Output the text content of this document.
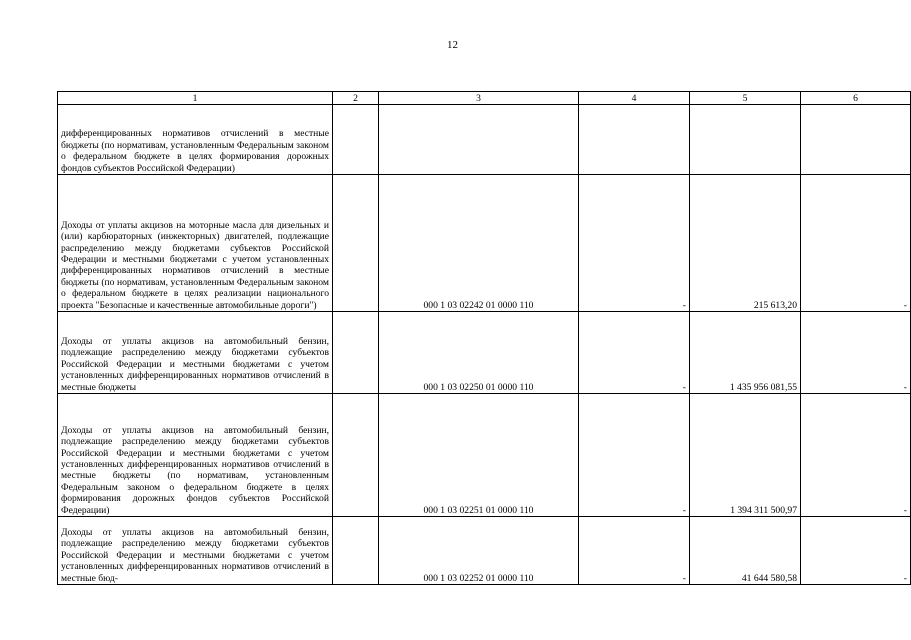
12
1	2	3	4	5	6
дифференцированных нормативов отчислений в местные бюджеты (по нормативам, установленным Федеральным законом о федеральном бюджете в целях формирования дорожных фондов субъектов Российской Федерации)					
Доходы от уплаты акцизов на моторные масла для дизельных и (или) карбюраторных (инжекторных) двигателей, подлежащие распределению между бюджетами субъектов Российской Федерации и местными бюджетами с учетом установленных дифференцированных нормативов отчислений в местные бюджеты (по нормативам, установленным Федеральным законом о федеральном бюджете в целях реализации национального проекта "Безопасные и качественные автомобильные дороги")		000 1 03 02242 01 0000 110	-	215 613,20	-
Доходы от уплаты акцизов на автомобильный бензин, подлежащие распределению между бюджетами субъектов Российской Федерации и местными бюджетами с учетом установленных дифференцированных нормативов отчислений в местные бюджеты		000 1 03 02250 01 0000 110	-	1 435 956 081,55	-
Доходы от уплаты акцизов на автомобильный бензин, подлежащие распределению между бюджетами субъектов Российской Федерации и местными бюджетами с учетом установленных дифференцированных нормативов отчислений в местные бюджеты (по нормативам, установленным Федеральным законом о федеральном бюджете в целях формирования дорожных фондов субъектов Российской Федерации)		000 1 03 02251 01 0000 110	-	1 394 311 500,97	-
Доходы от уплаты акцизов на автомобильный бензин, подлежащие распределению между бюджетами субъектов Российской Федерации и местными бюджетами с учетом установленных дифференцированных нормативов отчислений в местные бюд-		000 1 03 02252 01 0000 110	-	41 644 580,58	-
